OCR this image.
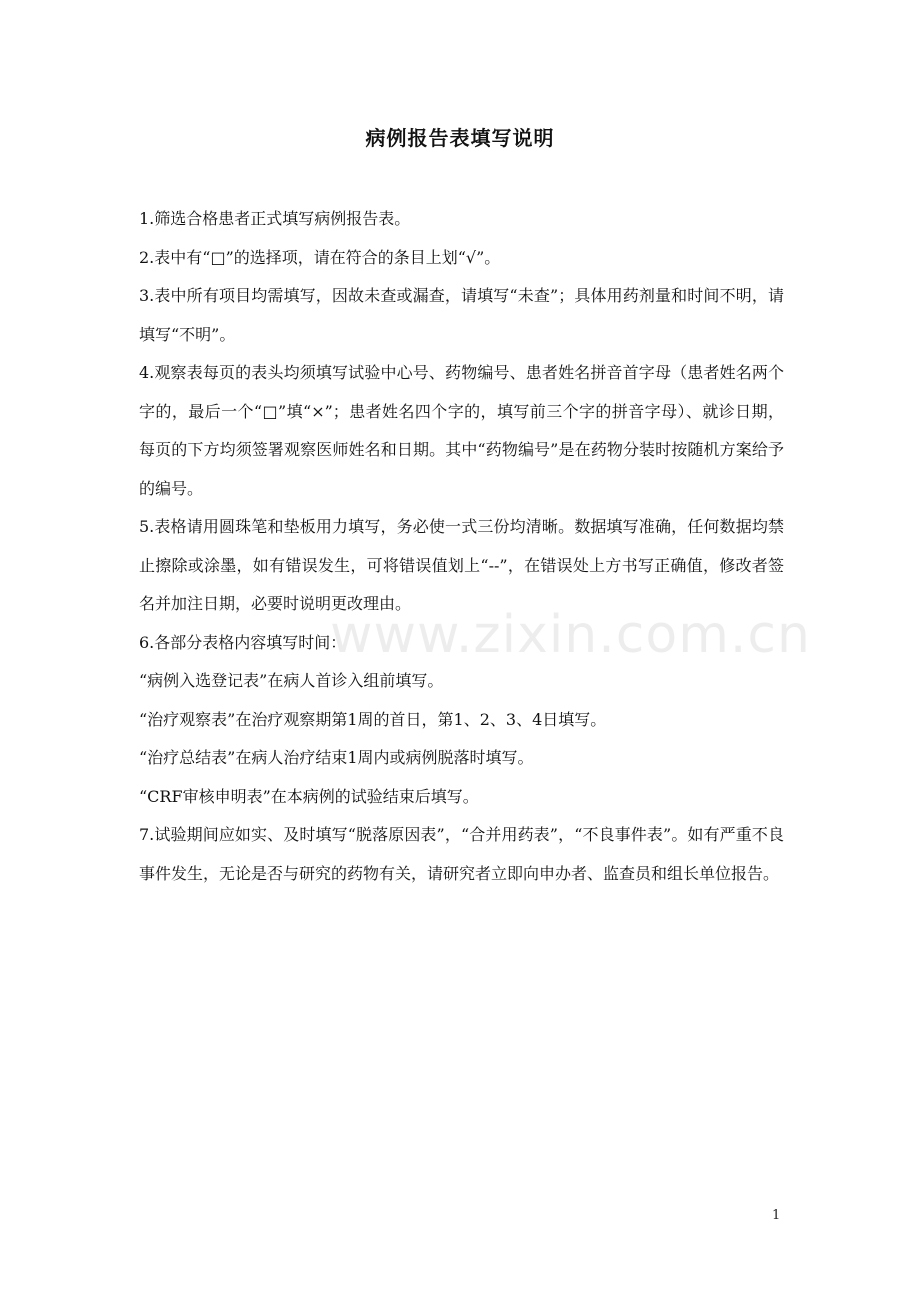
病例报告表填写说明

1.筛选合格患者正式填写病例报告表。

2.表中有“□”的选择项，请在符合的条目上划“√”。

3.表中所有项目均需填写，因故未查或漏查，请填写“未查”；具体用药剂量和时间不明，请填写“不明”。

4.观察表每页的表头均须填写试验中心号、药物编号、患者姓名拼音首字母（患者姓名两个字的，最后一个“□”填“×”；患者姓名四个字的，填写前三个字的拼音字母）、就诊日期，每页的下方均须签署观察医师姓名和日期。其中“药物编号”是在药物分装时按随机方案给予的编号。

5.表格请用圆珠笔和垫板用力填写，务必使一式三份均清晰。数据填写准确，任何数据均禁止擦除或涂墨，如有错误发生，可将错误值划上“--”，在错误处上方书写正确值，修改者签名并加注日期，必要时说明更改理由。

6.各部分表格内容填写时间：

“病例入选登记表”在病人首诊入组前填写。

“治疗观察表”在治疗观察期第1周的首日，第1、2、3、4日填写。

“治疗总结表”在病人治疗结束1周内或病例脱落时填写。

“CRF审核申明表”在本病例的试验结束后填写。

7.试验期间应如实、及时填写“脱落原因表”，“合并用药表”，“不良事件表”。如有严重不良事件发生，无论是否与研究的药物有关，请研究者立即向申办者、监查员和组长单位报告。

www.zixin.com.cn
1
